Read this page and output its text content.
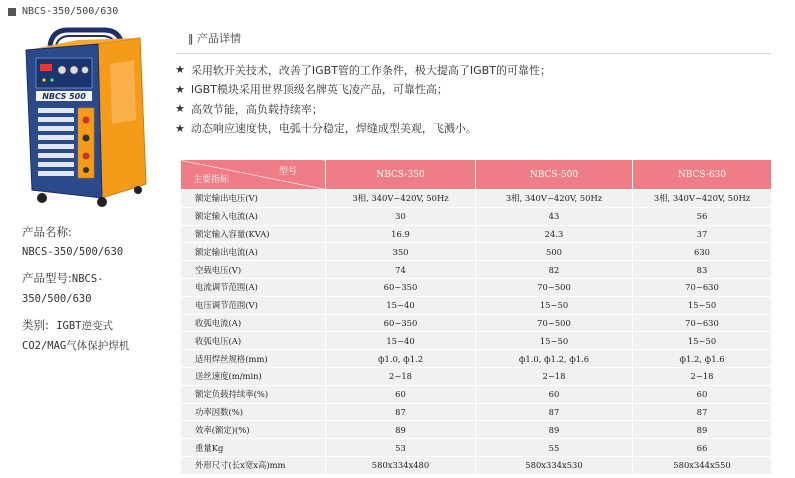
NBCS-350/500/630
NBCS 500
产品名称:
NBCS-350/500/630
产品型号:NBCS-
350/500/630
类别: IGBT逆变式
CO2/MAG气体保护焊机
‖ 产品详情
★ 采用软开关技术，改善了IGBT管的工作条件，极大提高了IGBT的可靠性；
★ IGBT模块采用世界顶级名牌英飞凌产品，可靠性高；
★ 高效节能，高负载持续率；
★ 动态响应速度快，电弧十分稳定，焊缝成型美观，飞溅小。
型号
主要指标	NBCS-350	NBCS-500	NBCS-630
额定输出电压(V)	3相, 340V~420V, 50Hz	3相, 340V~420V, 50Hz	3相, 340V~420V, 50Hz
额定输入电流(A)	30	43	56
额定输入容量(KVA)	16.9	24.3	37
额定输出电流(A)	350	500	630
空载电压(V)	74	82	83
电流调节范围(A)	60~350	70~500	70~630
电压调节范围(V)	15~40	15~50	15~50
收弧电流(A)	60~350	70~500	70~630
收弧电压(A)	15~40	15~50	15~50
适用焊丝规格(mm)	ф1.0, ф1.2	ф1.0, ф1.2, ф1.6	ф1.2, ф1.6
送丝速度(m/min)	2~18	2~18	2~18
额定负载持续率(%)	60	60	60
功率因数(%)	87	87	87
效率(额定)(%)	89	89	89
重量Kg	53	55	66
外形尺寸(长x宽x高)mm	580x334x480	580x334x530	580x344x550
